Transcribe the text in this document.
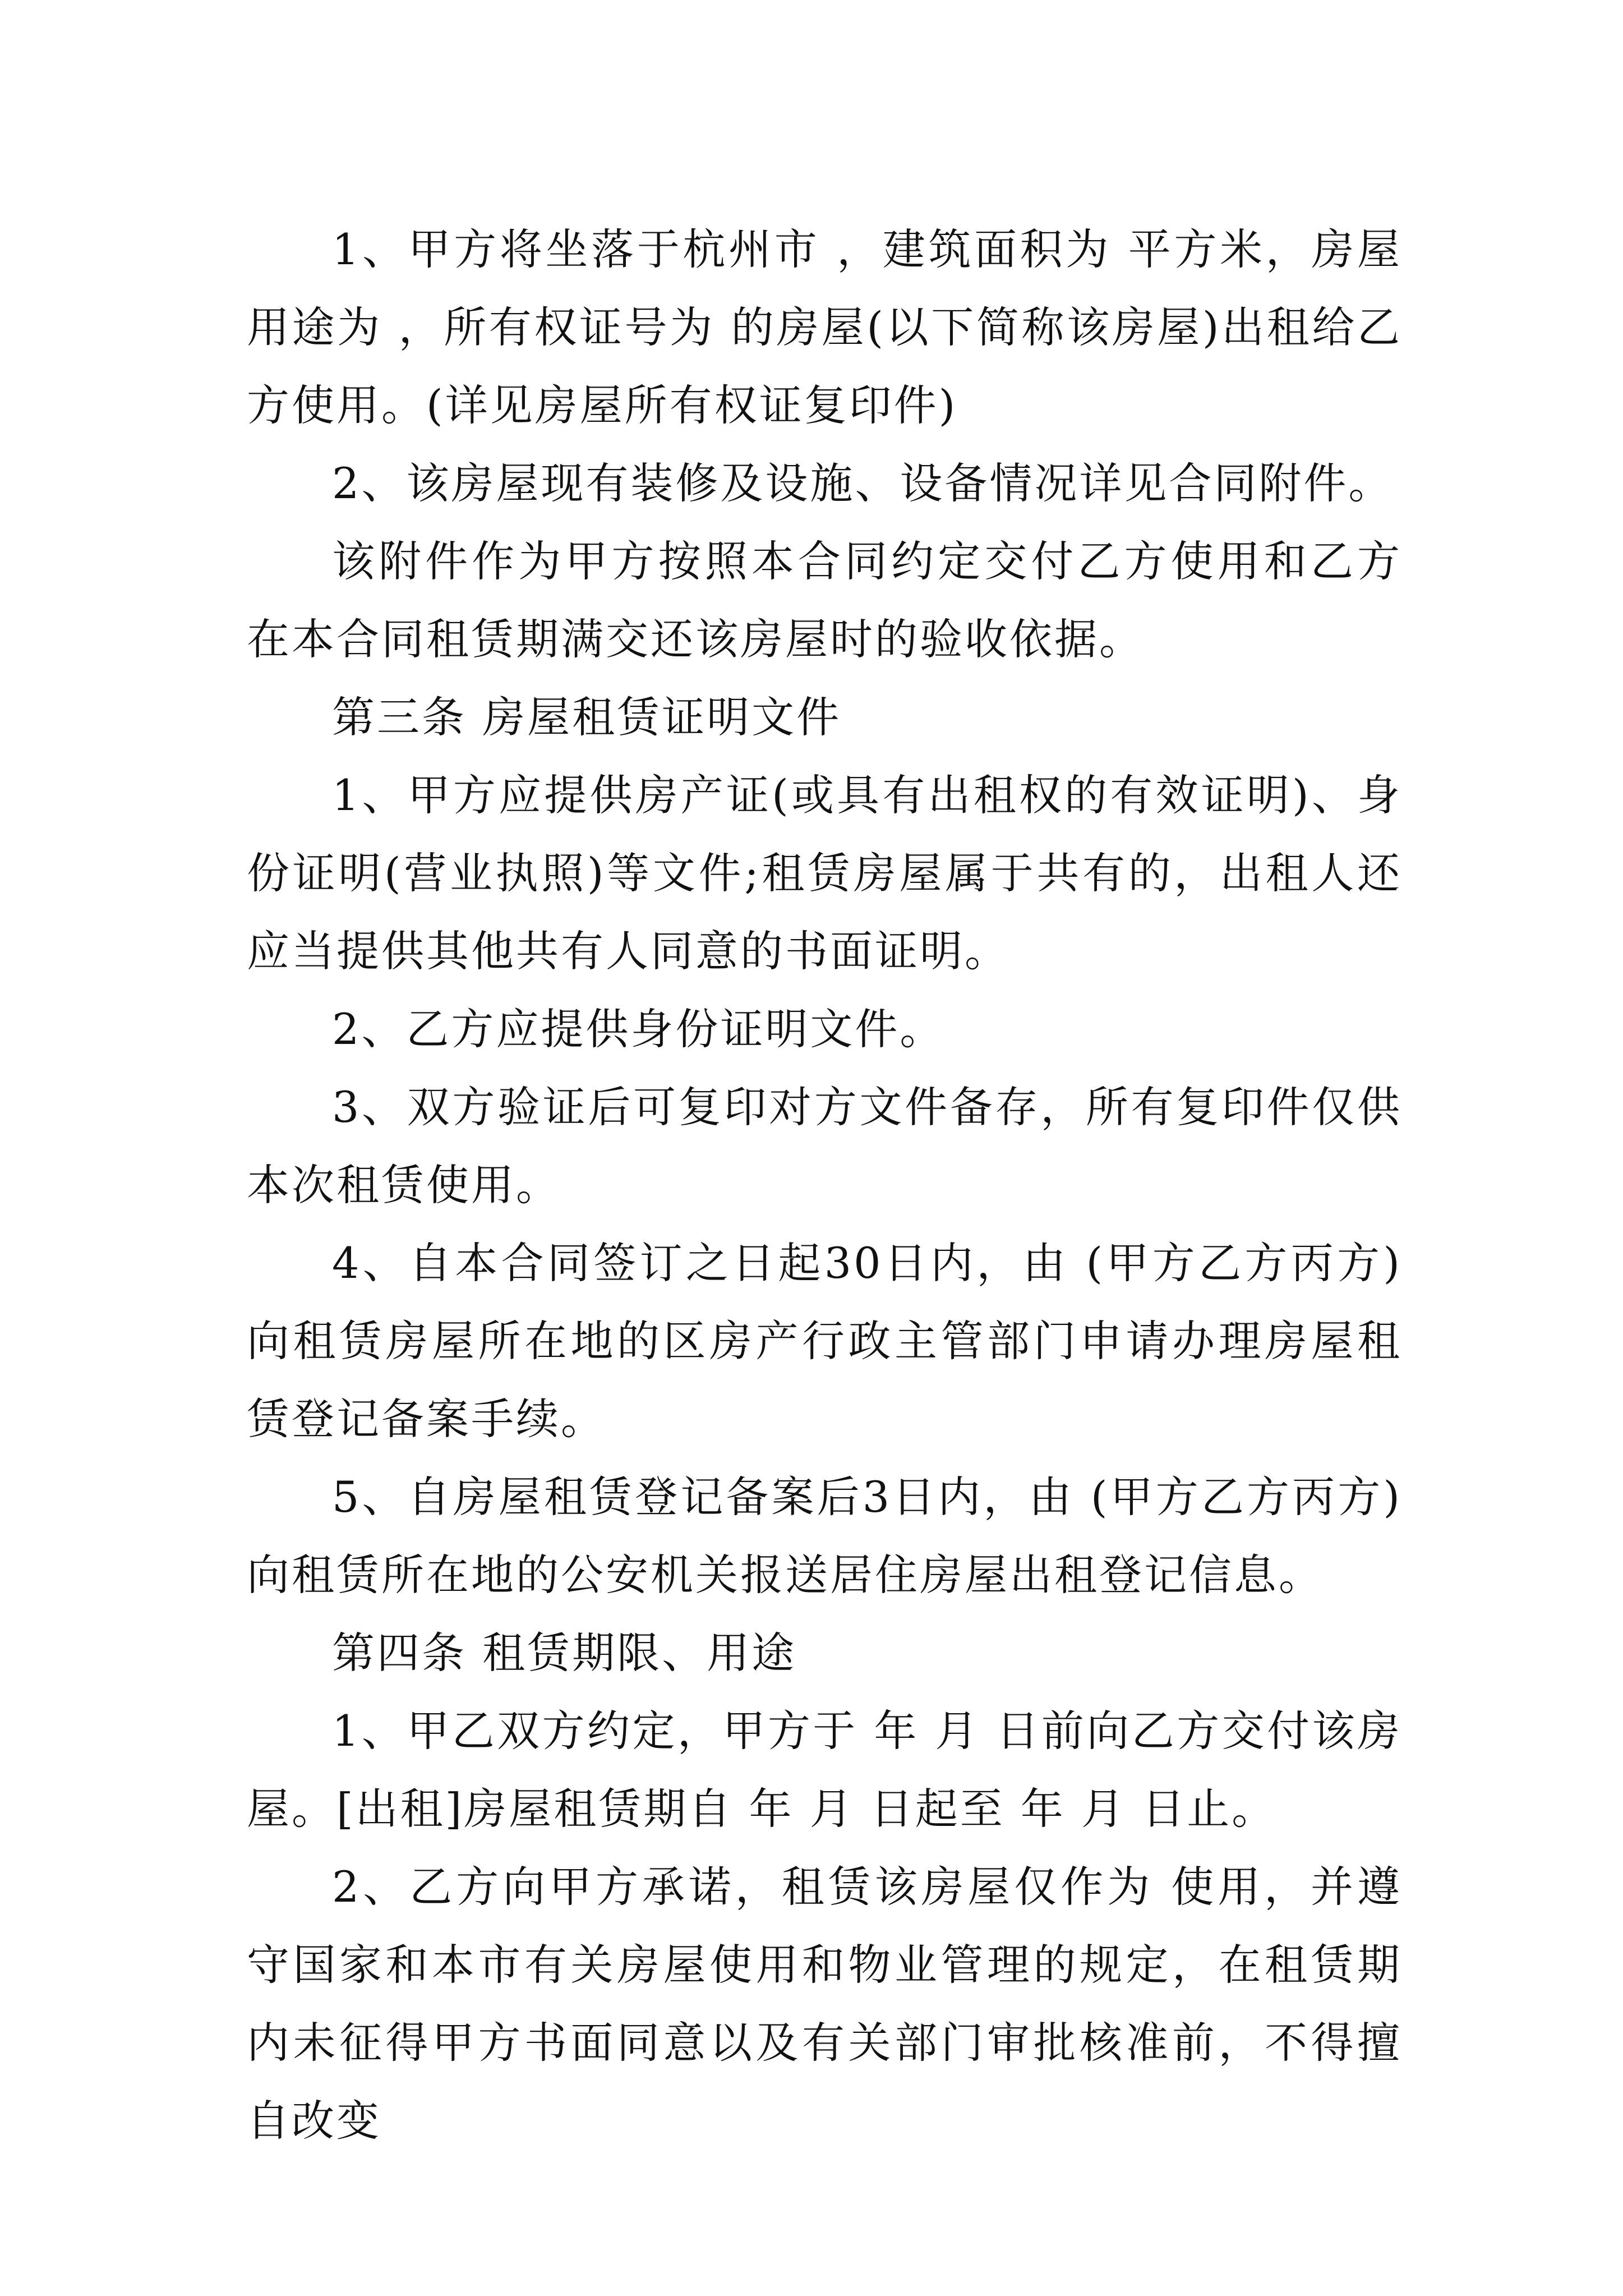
1、甲方将坐落于杭州市 ，建筑面积为 平方米，房屋用途为 ，所有权证号为 的房屋(以下简称该房屋)出租给乙方使用。(详见房屋所有权证复印件)

2、该房屋现有装修及设施、设备情况详见合同附件。

该附件作为甲方按照本合同约定交付乙方使用和乙方在本合同租赁期满交还该房屋时的验收依据。

第三条 房屋租赁证明文件

1、甲方应提供房产证(或具有出租权的有效证明)、身份证明(营业执照)等文件;租赁房屋属于共有的，出租人还应当提供其他共有人同意的书面证明。

2、乙方应提供身份证明文件。

3、双方验证后可复印对方文件备存，所有复印件仅供本次租赁使用。

4、自本合同签订之日起30日内，由 (甲方乙方丙方)向租赁房屋所在地的区房产行政主管部门申请办理房屋租赁登记备案手续。

5、自房屋租赁登记备案后3日内，由 (甲方乙方丙方)向租赁所在地的公安机关报送居住房屋出租登记信息。

第四条 租赁期限、用途

1、甲乙双方约定，甲方于 年 月 日前向乙方交付该房屋。[出租]房屋租赁期自 年 月 日起至 年 月 日止。

2、乙方向甲方承诺，租赁该房屋仅作为 使用，并遵守国家和本市有关房屋使用和物业管理的规定，在租赁期内未征得甲方书面同意以及有关部门审批核准前，不得擅自改变
